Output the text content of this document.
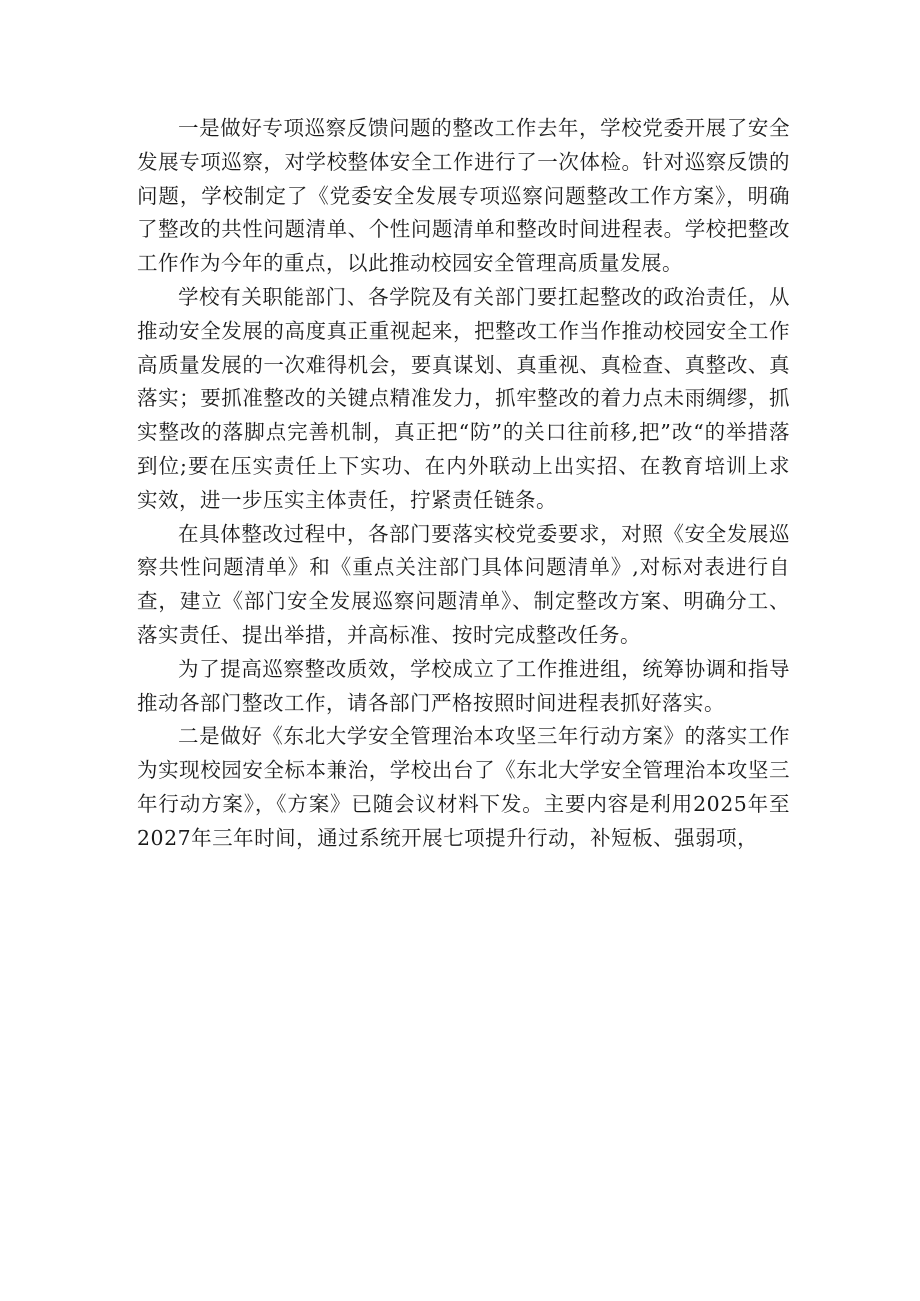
一是做好专项巡察反馈问题的整改工作去年，学校党委开展了安全发展专项巡察，对学校整体安全工作进行了一次体检。针对巡察反馈的问题，学校制定了《党委安全发展专项巡察问题整改工作方案》，明确了整改的共性问题清单、个性问题清单和整改时间进程表。学校把整改工作作为今年的重点，以此推动校园安全管理高质量发展。

学校有关职能部门、各学院及有关部门要扛起整改的政治责任，从推动安全发展的高度真正重视起来，把整改工作当作推动校园安全工作高质量发展的一次难得机会，要真谋划、真重视、真检查、真整改、真落实；要抓准整改的关键点精准发力，抓牢整改的着力点未雨绸缪，抓实整改的落脚点完善机制，真正把“防”的关口往前移,把”改“的举措落到位;要在压实责任上下实功、在内外联动上出实招、在教育培训上求实效，进一步压实主体责任，拧紧责任链条。

在具体整改过程中，各部门要落实校党委要求，对照《安全发展巡察共性问题清单》和《重点关注部门具体问题清单》,对标对表进行自查，建立《部门安全发展巡察问题清单》、制定整改方案、明确分工、落实责任、提出举措，并高标准、按时完成整改任务。

为了提高巡察整改质效，学校成立了工作推进组，统筹协调和指导推动各部门整改工作，请各部门严格按照时间进程表抓好落实。

二是做好《东北大学安全管理治本攻坚三年行动方案》的落实工作为实现校园安全标本兼治，学校出台了《东北大学安全管理治本攻坚三年行动方案》，《方案》已随会议材料下发。主要内容是利用2025年至2027年三年时间，通过系统开展七项提升行动，补短板、强弱项，
